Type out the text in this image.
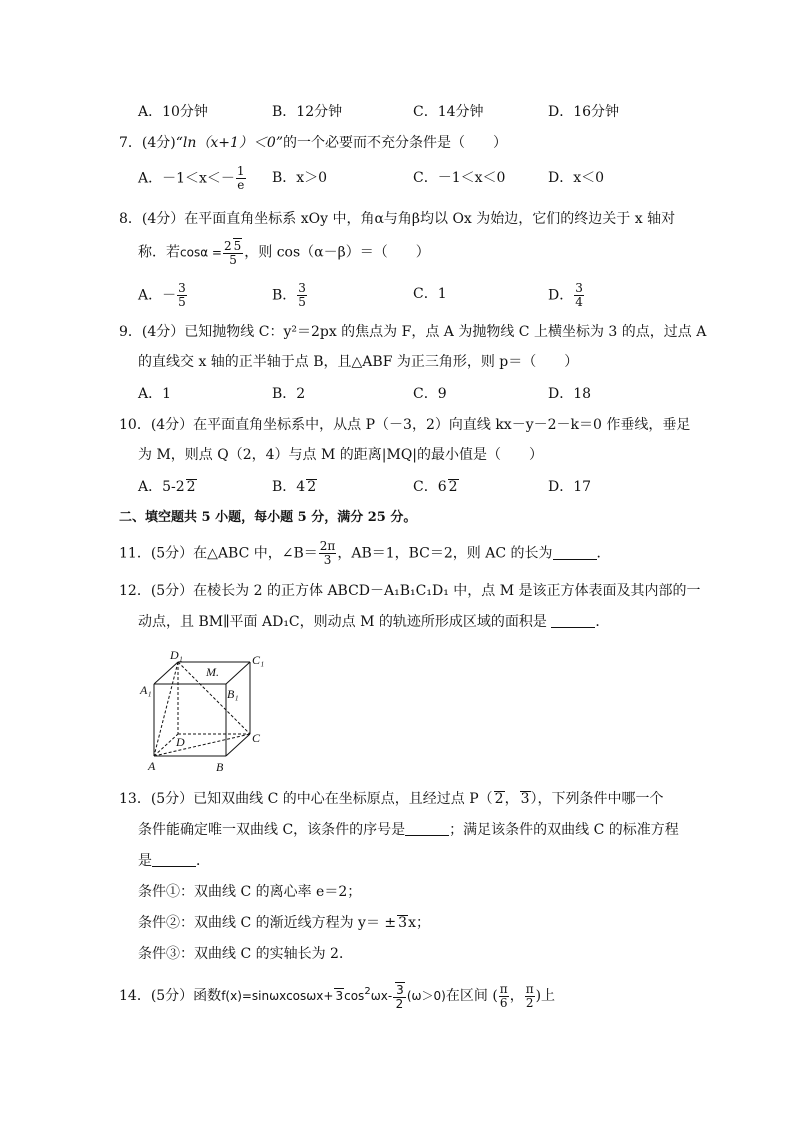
A．10分钟	B．12分钟	C．14分钟	D．16分钟
7．(4分)“ln（x+1）＜0”的一个必要而不充分条件是（　　）
A．$-1<x<- \frac{1}{e}$ B．x＞0	C．－1＜x＜0	D．x＜0
8．(4分）在平面直角坐标系 xOy 中，角α与角β均以 Ox 为始边，它们的终边关于 x 轴对
称．若$\cos\alpha = \frac{2 5}{5}$ ，则 cos（α－β）＝（　　）
A．－ $\frac{3}{5}$	B． $\frac{3}{5}$	C．1	D． $\frac{3}{4}$
9．(4分）已知抛物线 C：y²＝2px 的焦点为 F，点 A 为抛物线 C 上横坐标为 3 的点，过点 A
的直线交 x 轴的正半轴于点 B，且△ABF 为正三角形，则 p＝（　　）
A．1	B．2	C．9	D．18
10．(4分）在平面直角坐标系中，从点 P（－3，2）向直线 kx－y－2－k＝0 作垂线，垂足
为 M，则点 Q（2，4）与点 M 的距离|MQ|的最小值是（　　）
A．5-2 2	B．4 2	C．6 2	D．17
二、填空题共 5 小题，每小题 5 分，满分 25 分。
11．(5分）在△ABC 中，∠B＝ $\frac{2\pi}{3}$ ，AB＝1，BC＝2，则 AC 的长为	．
12．(5分）在棱长为 2 的正方体 ABCD－A₁B₁C₁D₁ 中，点 M 是该正方体表面及其内部的一
动点，且 BM∥平面 AD₁C，则动点 M 的轨迹所形成区域的面积是	．
D₁	C₁
M.
A₁	B₁
D	C
A	B
13．(5分）已知双曲线 C 的中心在坐标原点，且经过点 P（ 2， 3），下列条件中哪一个
条件能确定唯一双曲线 C，该条件的序号是	；满足该条件的双曲线 C 的标准方程
是	．
条件①：双曲线 C 的离心率 e＝2；
条件②：双曲线 C 的渐近线方程为 y＝ ± 3x；
条件③：双曲线 C 的实轴长为 2．
14．(5分）函数$f(x)=\sin\omega xcos\omega x+ 3\cos^2\omega x- \frac{3}{2} (\omega>0)$在区间 ( $\frac{\pi}{6}$ ， $\frac{\pi}{2}$ )上
